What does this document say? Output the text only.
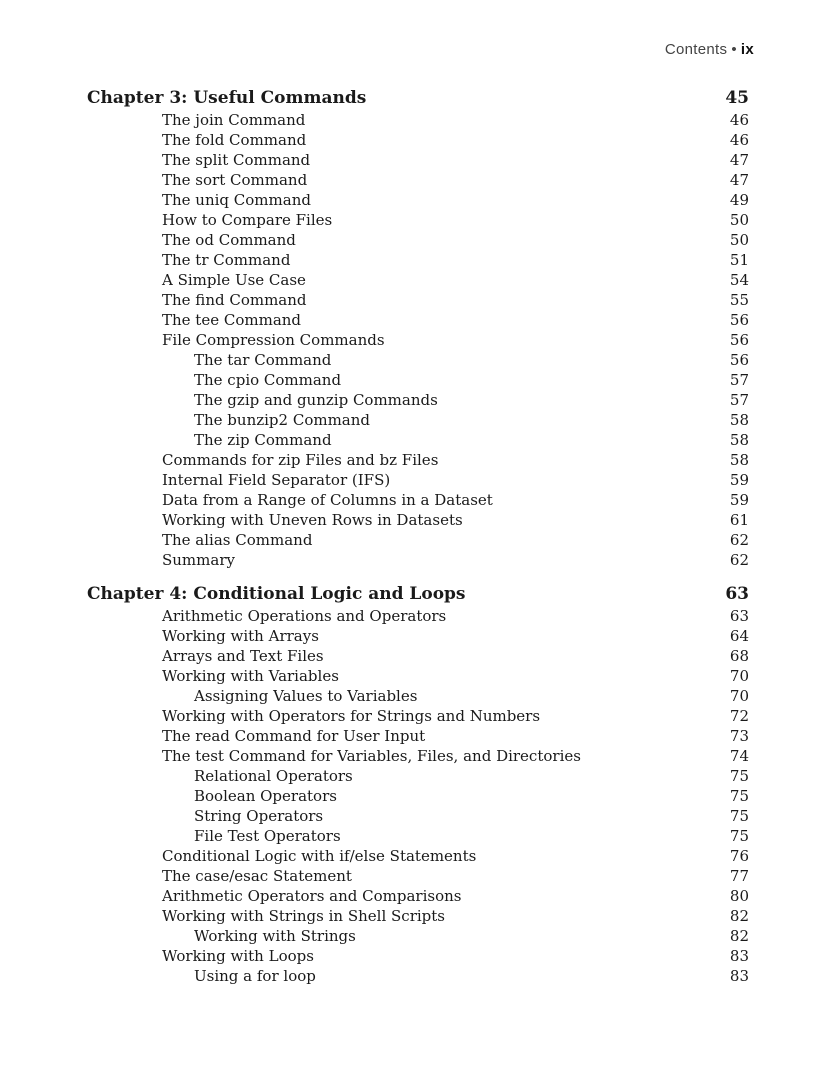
Contents • ix
Chapter 3: Useful Commands	45
The join Command	46
The fold Command	46
The split Command	47
The sort Command	47
The uniq Command	49
How to Compare Files	50
The od Command	50
The tr Command	51
A Simple Use Case	54
The find Command	55
The tee Command	56
File Compression Commands	56
The tar Command	56
The cpio Command	57
The gzip and gunzip Commands	57
The bunzip2 Command	58
The zip Command	58
Commands for zip Files and bz Files	58
Internal Field Separator (IFS)	59
Data from a Range of Columns in a Dataset	59
Working with Uneven Rows in Datasets	61
The alias Command	62
Summary	62
Chapter 4: Conditional Logic and Loops	63
Arithmetic Operations and Operators	63
Working with Arrays	64
Arrays and Text Files	68
Working with Variables	70
Assigning Values to Variables	70
Working with Operators for Strings and Numbers	72
The read Command for User Input	73
The test Command for Variables, Files, and Directories	74
Relational Operators	75
Boolean Operators	75
String Operators	75
File Test Operators	75
Conditional Logic with if/else Statements	76
The case/esac Statement	77
Arithmetic Operators and Comparisons	80
Working with Strings in Shell Scripts	82
Working with Strings	82
Working with Loops	83
Using a for loop	83
